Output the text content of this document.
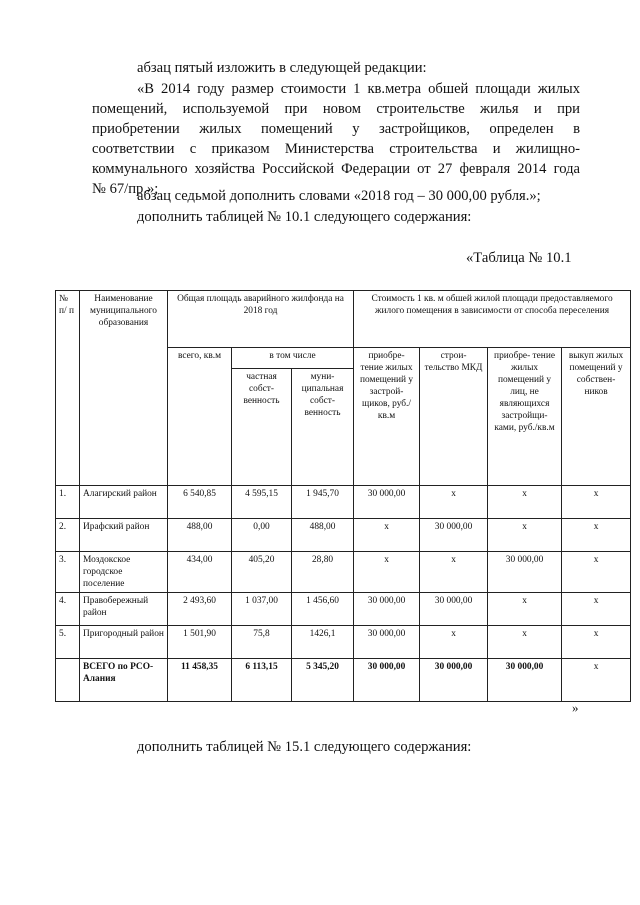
абзац пятый изложить в следующей редакции:
«В 2014 году размер стоимости 1 кв.метра обшей площади жилых
помещений, используемой при новом строительстве жилья и при
приобретении жилых помещений у застройщиков, определен в
соответствии с приказом Министерства строительства и жилищно-
коммунального хозяйства Российской Федерации от 27 февраля 2014 года
№ 67/пр.»;
абзац седьмой дополнить словами «2018 год – 30 000,00 рубля.»;
дополнить таблицей № 10.1 следующего содержания:
«Таблица № 10.1
№ п/ п	Наименование муниципального образования	Общая площадь аварийного жилфонда на 2018 год			Стоимость 1 кв. м обшей жилой площади предоставляемого жилого помещения в зависимости от способа переселения			
		всего, кв.м	в том числе		приобре- тение жилых помещений у застрой- щиков, руб./кв.м	строи- тельство МКД	приобре- тение жилых помещений у лиц, не являющихся застройщи- ками, руб./кв.м	выкуп жилых помещений у собствен- ников
			частная собст- венность	муни- ципальная собст- венность				
1.	Алагирский район	6 540,85	4 595,15	1 945,70	30 000,00	х	х	х
2.	Ирафский район	488,00	0,00	488,00	х	30 000,00	х	х
3.	Моздокское городское поселение	434,00	405,20	28,80	х	х	30 000,00	х
4.	Правобережный район	2 493,60	1 037,00	1 456,60	30 000,00	30 000,00	х	х
5.	Пригородный район	1 501,90	75,8	1426,1	30 000,00	х	х	х
	ВСЕГО по РСО-Алания	11 458,35	6 113,15	5 345,20	30 000,00	30 000,00	30 000,00	х
»
дополнить таблицей № 15.1 следующего содержания:
